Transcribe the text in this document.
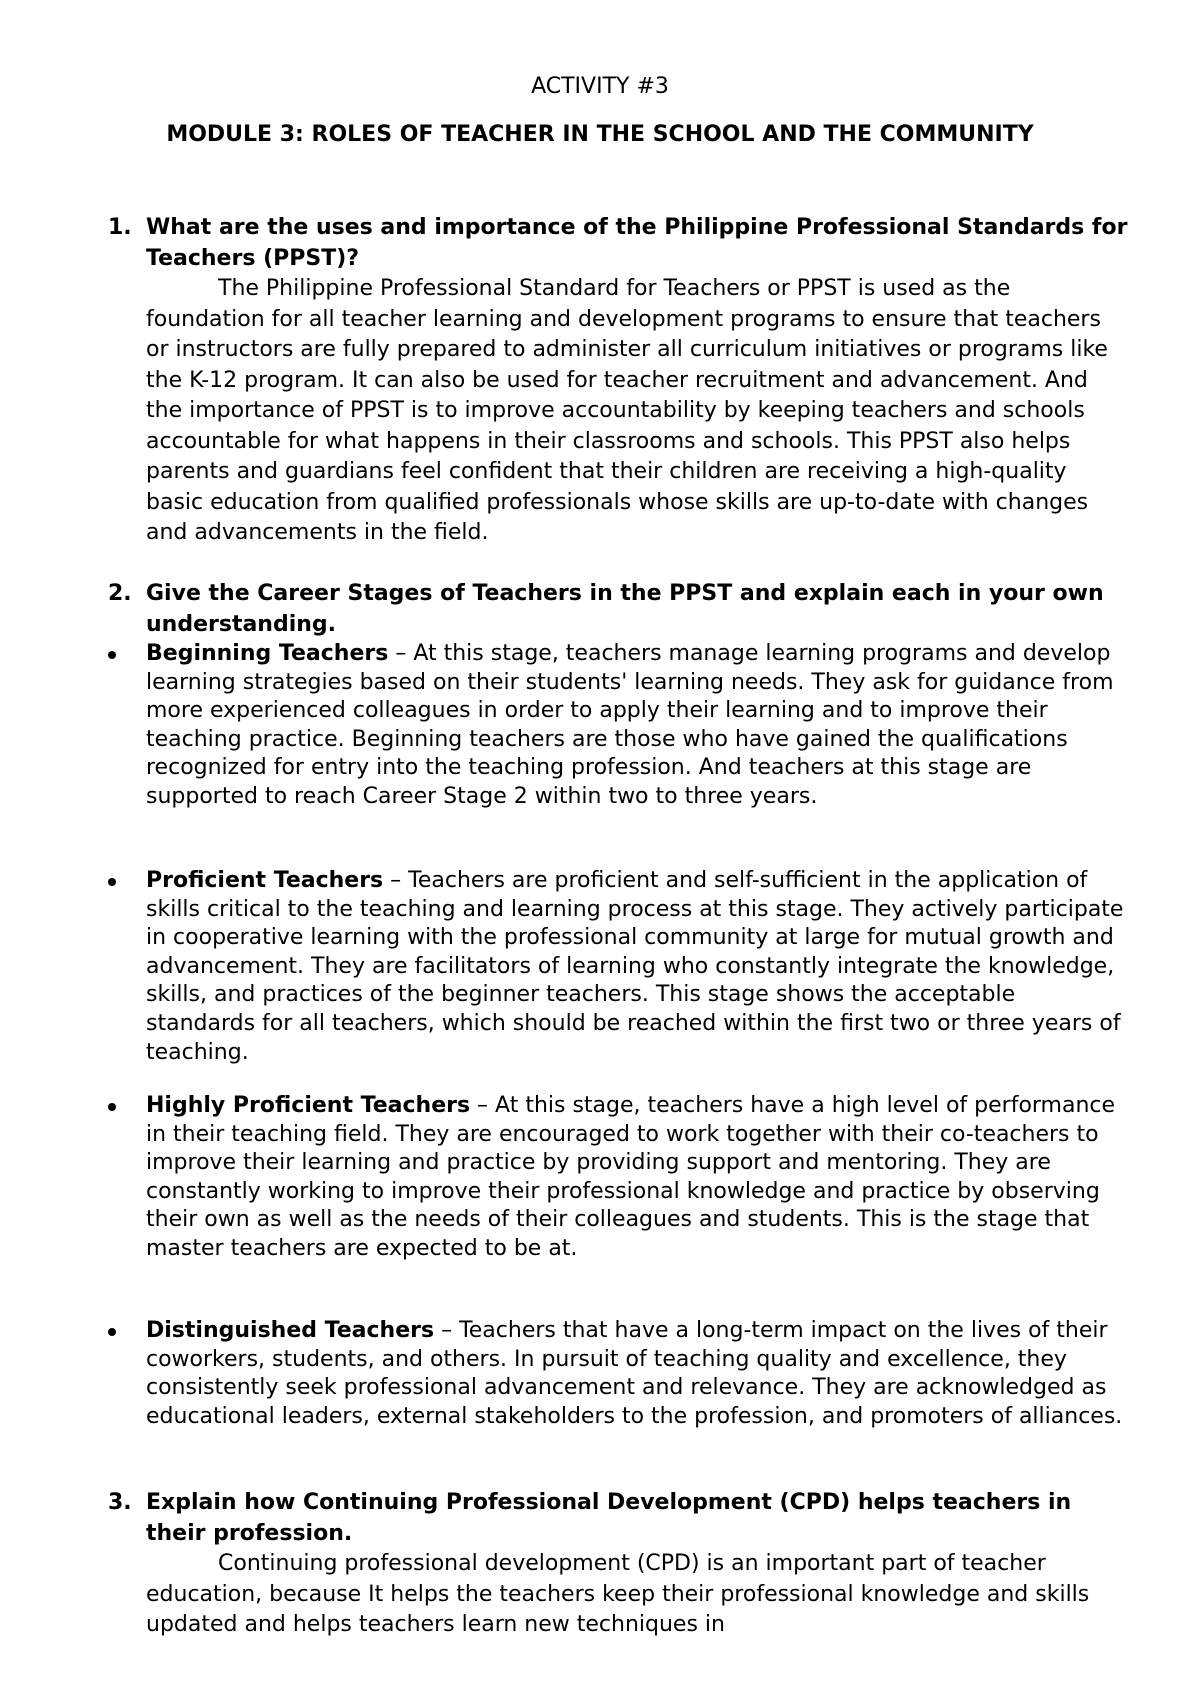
ACTIVITY #3
MODULE 3: ROLES OF TEACHER IN THE SCHOOL AND THE COMMUNITY
1. What are the uses and importance of the Philippine Professional Standards for Teachers (PPST)?

The Philippine Professional Standard for Teachers or PPST is used as the foundation for all teacher learning and development programs to ensure that teachers or instructors are fully prepared to administer all curriculum initiatives or programs like the K-12 program. It can also be used for teacher recruitment and advancement. And the importance of PPST is to improve accountability by keeping teachers and schools accountable for what happens in their classrooms and schools. This PPST also helps parents and guardians feel confident that their children are receiving a high-quality basic education from qualified professionals whose skills are up-to-date with changes and advancements in the field.

2. Give the Career Stages of Teachers in the PPST and explain each in your own understanding.
Beginning Teachers – At this stage, teachers manage learning programs and develop learning strategies based on their students' learning needs. They ask for guidance from more experienced colleagues in order to apply their learning and to improve their teaching practice. Beginning teachers are those who have gained the qualifications recognized for entry into the teaching profession. And teachers at this stage are supported to reach Career Stage 2 within two to three years.
Proficient Teachers – Teachers are proficient and self-sufficient in the application of skills critical to the teaching and learning process at this stage. They actively participate in cooperative learning with the professional community at large for mutual growth and advancement. They are facilitators of learning who constantly integrate the knowledge, skills, and practices of the beginner teachers. This stage shows the acceptable standards for all teachers, which should be reached within the first two or three years of teaching.
Highly Proficient Teachers – At this stage, teachers have a high level of performance in their teaching field. They are encouraged to work together with their co-teachers to improve their learning and practice by providing support and mentoring. They are constantly working to improve their professional knowledge and practice by observing their own as well as the needs of their colleagues and students. This is the stage that master teachers are expected to be at.
Distinguished Teachers – Teachers that have a long-term impact on the lives of their coworkers, students, and others. In pursuit of teaching quality and excellence, they consistently seek professional advancement and relevance. They are acknowledged as educational leaders, external stakeholders to the profession, and promoters of alliances.
3. Explain how Continuing Professional Development (CPD) helps teachers in their profession.

Continuing professional development (CPD) is an important part of teacher education, because It helps the teachers keep their professional knowledge and skills updated and helps teachers learn new techniques in
